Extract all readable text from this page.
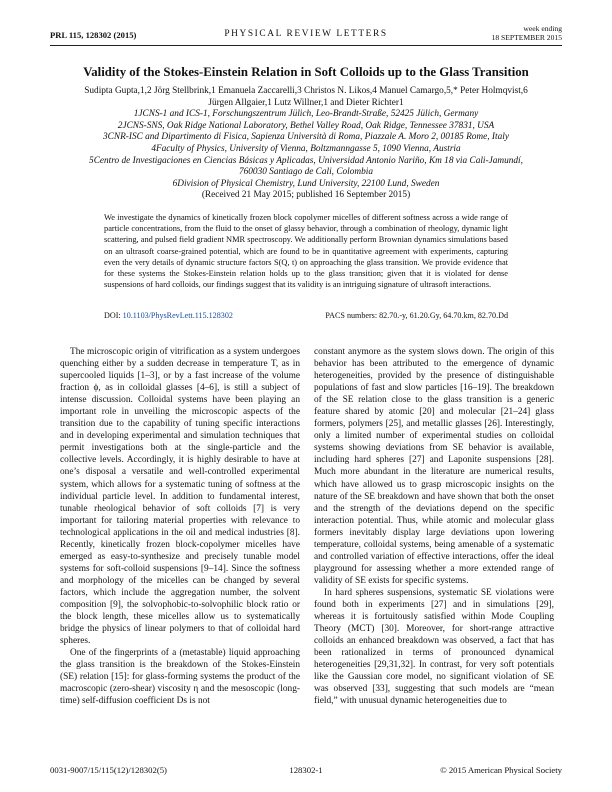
PRL 115, 128302 (2015)	PHYSICAL REVIEW LETTERS
week ending
18 SEPTEMBER 2015
Validity of the Stokes-Einstein Relation in Soft Colloids up to the Glass Transition
Sudipta Gupta,1,2 Jörg Stellbrink,1 Emanuela Zaccarelli,3 Christos N. Likos,4 Manuel Camargo,5,* Peter Holmqvist,6
Jürgen Allgaier,1 Lutz Willner,1 and Dieter Richter1
1JCNS-1 and ICS-1, Forschungszentrum Jülich, Leo-Brandt-Straße, 52425 Jülich, Germany
2JCNS-SNS, Oak Ridge National Laboratory, Bethel Valley Road, Oak Ridge, Tennessee 37831, USA
3CNR-ISC and Dipartimento di Fisica, Sapienza Università di Roma, Piazzale A. Moro 2, 00185 Rome, Italy
4Faculty of Physics, University of Vienna, Boltzmanngasse 5, 1090 Vienna, Austria
5Centro de Investigaciones en Ciencias Básicas y Aplicadas, Universidad Antonio Nariño, Km 18 via Cali-Jamundí,
760030 Santiago de Cali, Colombia
6Division of Physical Chemistry, Lund University, 22100 Lund, Sweden
(Received 21 May 2015; published 16 September 2015)
We investigate the dynamics of kinetically frozen block copolymer micelles of different softness across a wide range of particle concentrations, from the fluid to the onset of glassy behavior, through a combination of rheology, dynamic light scattering, and pulsed field gradient NMR spectroscopy. We additionally perform Brownian dynamics simulations based on an ultrasoft coarse-grained potential, which are found to be in quantitative agreement with experiments, capturing even the very details of dynamic structure factors S(Q, t) on approaching the glass transition. We provide evidence that for these systems the Stokes-Einstein relation holds up to the glass transition; given that it is violated for dense suspensions of hard colloids, our findings suggest that its validity is an intriguing signature of ultrasoft interactions.
DOI: 10.1103/PhysRevLett.115.128302	PACS numbers: 82.70.-y, 61.20.Gy, 64.70.km, 82.70.Dd

The microscopic origin of vitrification as a system undergoes quenching either by a sudden decrease in temperature T, as in supercooled liquids [1–3], or by a fast increase of the volume fraction ϕ, as in colloidal glasses [4–6], is still a subject of intense discussion. Colloidal systems have been playing an important role in unveiling the microscopic aspects of the transition due to the capability of tuning specific interactions and in developing experimental and simulation techniques that permit investigations both at the single-particle and the collective levels. Accordingly, it is highly desirable to have at one’s disposal a versatile and well-controlled experimental system, which allows for a systematic tuning of softness at the individual particle level. In addition to fundamental interest, tunable rheological behavior of soft colloids [7] is very important for tailoring material properties with relevance to technological applications in the oil and medical industries [8]. Recently, kinetically frozen block-copolymer micelles have emerged as easy-to-synthesize and precisely tunable model systems for soft-colloid suspensions [9–14]. Since the softness and morphology of the micelles can be changed by several factors, which include the aggregation number, the solvent composition [9], the solvophobic-to-solvophilic block ratio or the block length, these micelles allow us to systematically bridge the physics of linear polymers to that of colloidal hard spheres.

One of the fingerprints of a (metastable) liquid approaching the glass transition is the breakdown of the Stokes-Einstein (SE) relation [15]: for glass-forming systems the product of the macroscopic (zero-shear) viscosity η and the mesoscopic (long-time) self-diffusion coefficient Ds is not

constant anymore as the system slows down. The origin of this behavior has been attributed to the emergence of dynamic heterogeneities, provided by the presence of distinguishable populations of fast and slow particles [16–19]. The breakdown of the SE relation close to the glass transition is a generic feature shared by atomic [20] and molecular [21–24] glass formers, polymers [25], and metallic glasses [26]. Interestingly, only a limited number of experimental studies on colloidal systems showing deviations from SE behavior is available, including hard spheres [27] and Laponite suspensions [28]. Much more abundant in the literature are numerical results, which have allowed us to grasp microscopic insights on the nature of the SE breakdown and have shown that both the onset and the strength of the deviations depend on the specific interaction potential. Thus, while atomic and molecular glass formers inevitably display large deviations upon lowering temperature, colloidal systems, being amenable of a systematic and controlled variation of effective interactions, offer the ideal playground for assessing whether a more extended range of validity of SE exists for specific systems.

In hard spheres suspensions, systematic SE violations were found both in experiments [27] and in simulations [29], whereas it is fortuitously satisfied within Mode Coupling Theory (MCT) [30]. Moreover, for short-range attractive colloids an enhanced breakdown was observed, a fact that has been rationalized in terms of pronounced dynamical heterogeneities [29,31,32]. In contrast, for very soft potentials like the Gaussian core model, no significant violation of SE was observed [33], suggesting that such models are “mean field,” with unusual dynamic heterogeneities due to

0031-9007/15/115(12)/128302(5)	128302-1	© 2015 American Physical Society
